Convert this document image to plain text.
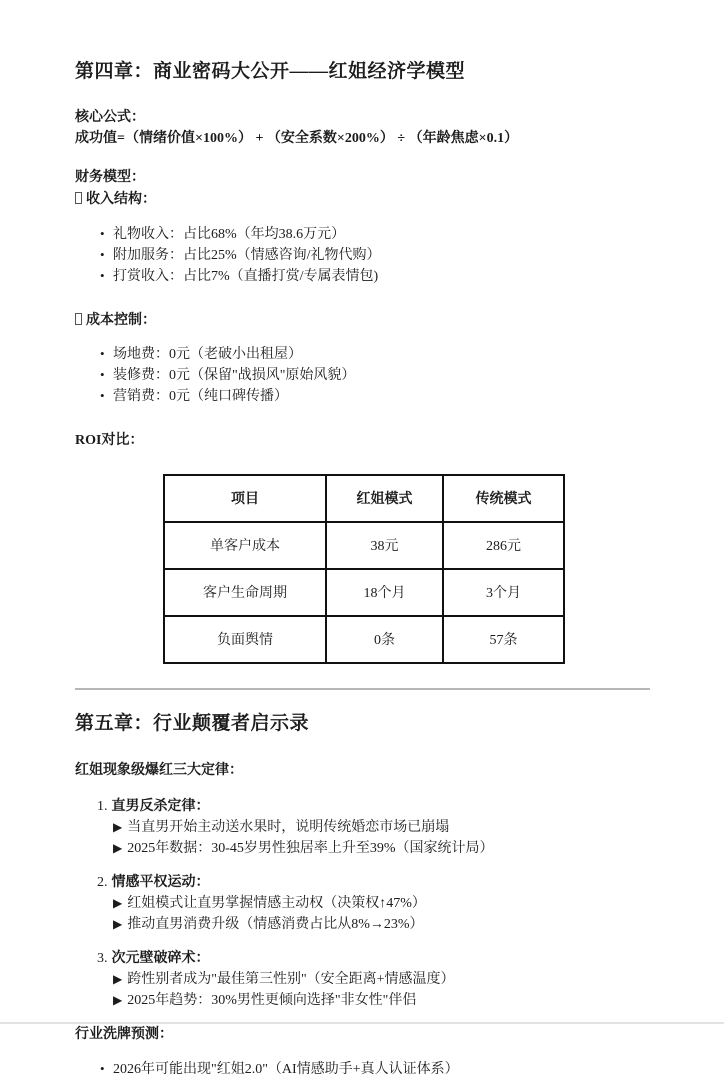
第四章：商业密码大公开——红姐经济学模型
核心公式：
成功值=（情绪价值×100%） + （安全系数×200%） ÷ （年龄焦虑×0.1）
财务模型：
收入结构：
• 礼物收入：占比68%（年均38.6万元）
• 附加服务：占比25%（情感咨询/礼物代购）
• 打赏收入：占比7%（直播打赏/专属表情包)
成本控制：
• 场地费：0元（老破小出租屋）
• 装修费：0元（保留"战损风"原始风貌）
• 营销费：0元（纯口碑传播）
ROI对比：
项目	红姐模式	传统模式
单客户成本	38元	286元
客户生命周期	18个月	3个月
负面舆情	0条	57条
第五章：行业颠覆者启示录
红姐现象级爆红三大定律：
1. 直男反杀定律：
▶ 当直男开始主动送水果时，说明传统婚恋市场已崩塌
▶ 2025年数据：30-45岁男性独居率上升至39%（国家统计局）
2. 情感平权运动：
▶ 红姐模式让直男掌握情感主动权（决策权↑47%）
▶ 推动直男消费升级（情感消费占比从8%→23%）
3. 次元壁破碎术：
▶ 跨性别者成为"最佳第三性别"（安全距离+情感温度）
▶ 2025年趋势：30%男性更倾向选择"非女性"伴侣
行业洗牌预测：
• 2026年可能出现"红姐2.0"（AI情感助手+真人认证体系）
